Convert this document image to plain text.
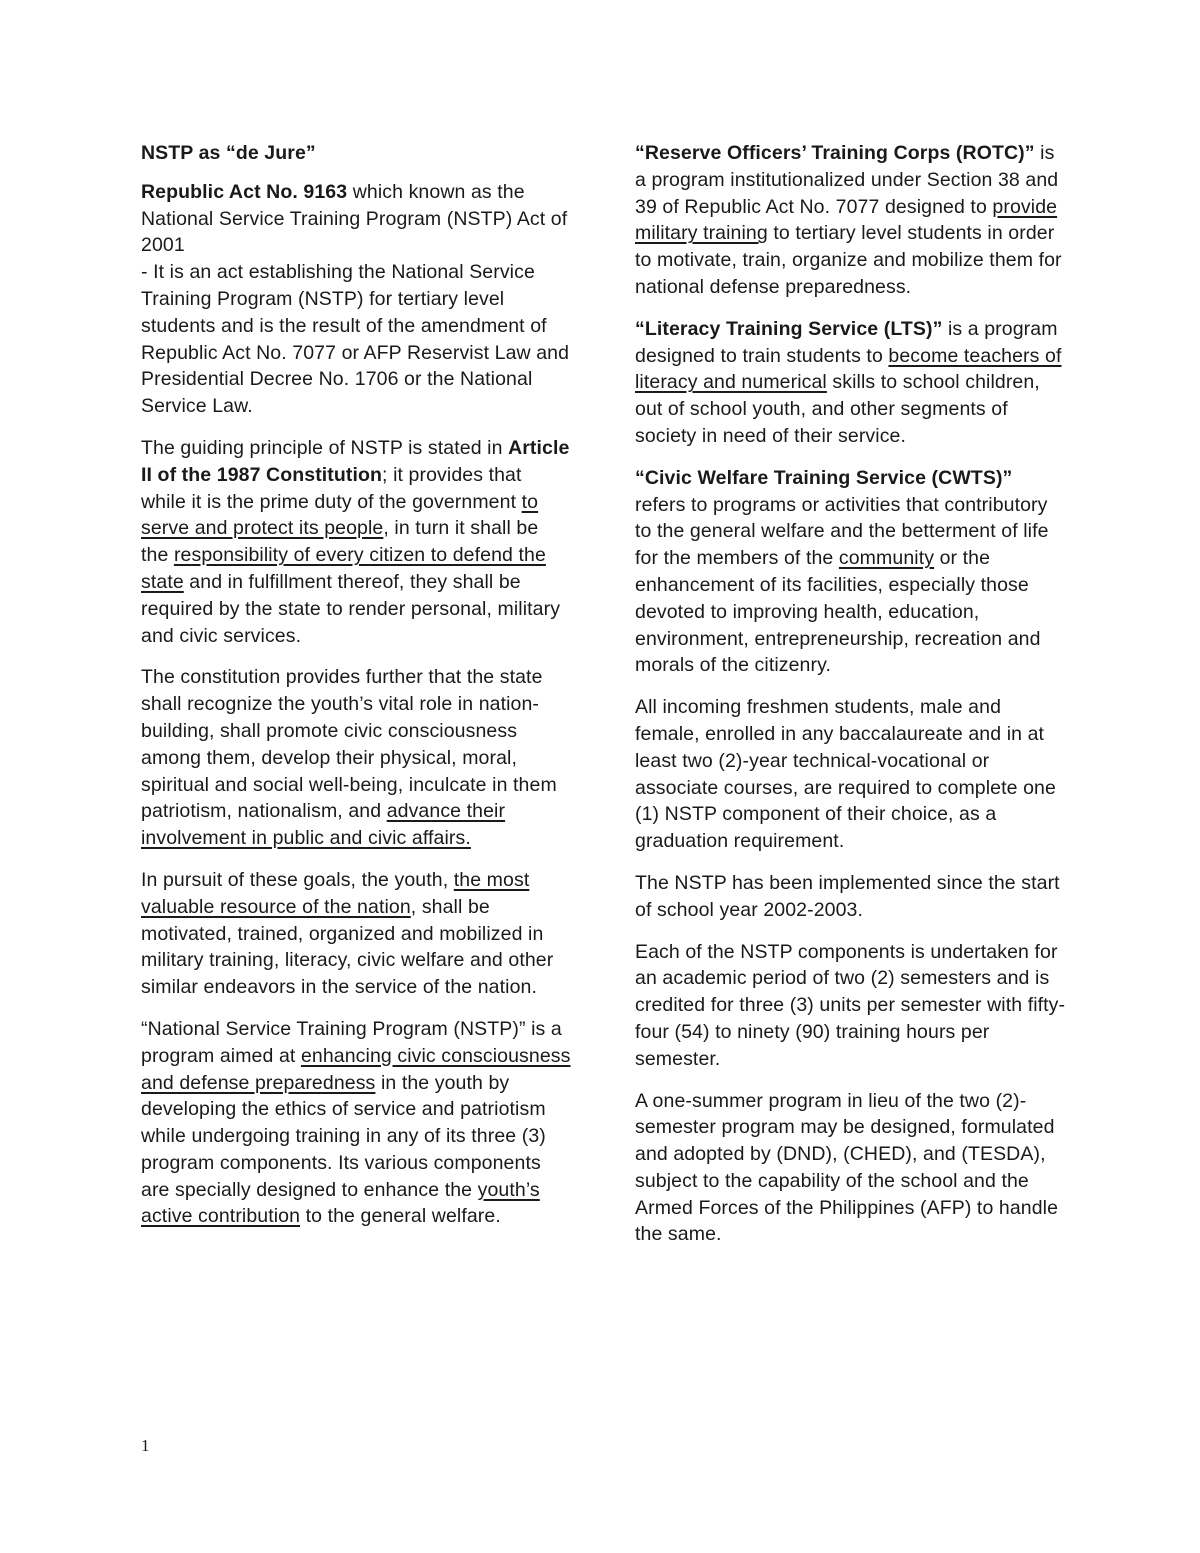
NSTP as “de Jure”

Republic Act No. 9163 which known as the National Service Training Program (NSTP) Act of 2001
- It is an act establishing the National Service Training Program (NSTP) for tertiary level students and is the result of the amendment of Republic Act No. 7077 or AFP Reservist Law and Presidential Decree No. 1706 or the National Service Law.

The guiding principle of NSTP is stated in Article II of the 1987 Constitution; it provides that while it is the prime duty of the government to serve and protect its people, in turn it shall be the responsibility of every citizen to defend the state and in fulfillment thereof, they shall be required by the state to render personal, military and civic services.

The constitution provides further that the state shall recognize the youth’s vital role in nation-building, shall promote civic consciousness among them, develop their physical, moral, spiritual and social well-being, inculcate in them patriotism, nationalism, and advance their involvement in public and civic affairs.

In pursuit of these goals, the youth, the most valuable resource of the nation, shall be motivated, trained, organized and mobilized in military training, literacy, civic welfare and other similar endeavors in the service of the nation.

“National Service Training Program (NSTP)” is a program aimed at enhancing civic consciousness and defense preparedness in the youth by developing the ethics of service and patriotism while undergoing training in any of its three (3) program components. Its various components are specially designed to enhance the youth’s active contribution to the general welfare.

“Reserve Officers’ Training Corps (ROTC)” is a program institutionalized under Section 38 and 39 of Republic Act No. 7077 designed to provide military training to tertiary level students in order to motivate, train, organize and mobilize them for national defense preparedness.

“Literacy Training Service (LTS)” is a program designed to train students to become teachers of literacy and numerical skills to school children, out of school youth, and other segments of society in need of their service.

“Civic Welfare Training Service (CWTS)” refers to programs or activities that contributory to the general welfare and the betterment of life for the members of the community or the enhancement of its facilities, especially those devoted to improving health, education, environment, entrepreneurship, recreation and morals of the citizenry.

All incoming freshmen students, male and female, enrolled in any baccalaureate and in at least two (2)-year technical-vocational or associate courses, are required to complete one (1) NSTP component of their choice, as a graduation requirement.

The NSTP has been implemented since the start of school year 2002-2003.

Each of the NSTP components is undertaken for an academic period of two (2) semesters and is credited for three (3) units per semester with fifty-four (54) to ninety (90) training hours per semester.

A one-summer program in lieu of the two (2)-semester program may be designed, formulated and adopted by (DND), (CHED), and (TESDA), subject to the capability of the school and the Armed Forces of the Philippines (AFP) to handle the same.

1
